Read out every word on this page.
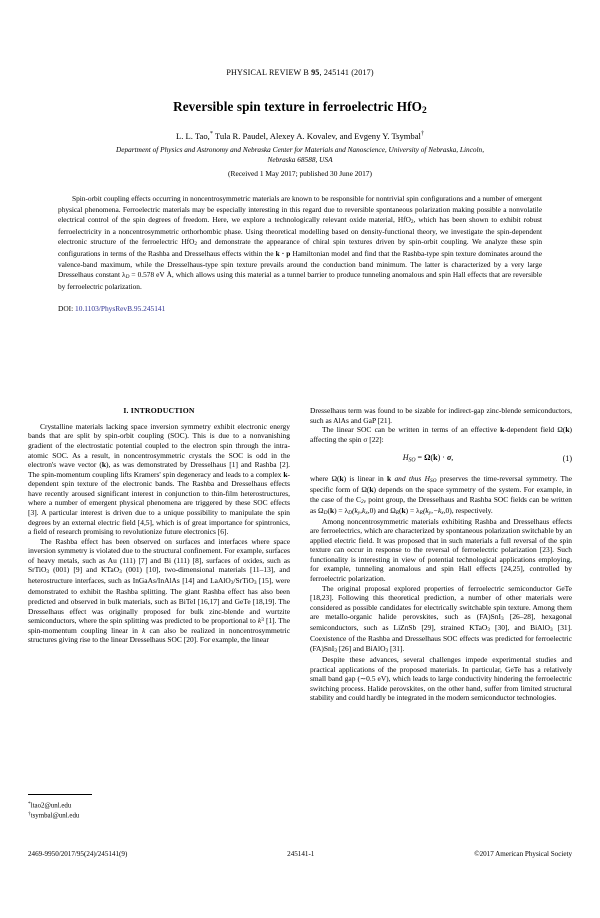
PHYSICAL REVIEW B 95, 245141 (2017)
Reversible spin texture in ferroelectric HfO$_2$
L. L. Tao,* Tula R. Paudel, Alexey A. Kovalev, and Evgeny Y. Tsymbal†
Department of Physics and Astronomy and Nebraska Center for Materials and Nanoscience, University of Nebraska, Lincoln,
Nebraska 68588, USA
(Received 1 May 2017; published 30 June 2017)
Spin-orbit coupling effects occurring in noncentrosymmetric materials are known to be responsible for nontrivial spin configurations and a number of emergent physical phenomena. Ferroelectric materials may be especially interesting in this regard due to reversible spontaneous polarization making possible a nonvolatile electrical control of the spin degrees of freedom. Here, we explore a technologically relevant oxide material, HfO$_2$, which has been shown to exhibit robust ferroelectricity in a noncentrosymmetric orthorhombic phase. Using theoretical modelling based on density-functional theory, we investigate the spin-dependent electronic structure of the ferroelectric HfO$_2$ and demonstrate the appearance of chiral spin textures driven by spin-orbit coupling. We analyze these spin configurations in terms of the Rashba and Dresselhaus effects within the k · p Hamiltonian model and find that the Rashba-type spin texture dominates around the valence-band maximum, while the Dresselhaus-type spin texture prevails around the conduction band minimum. The latter is characterized by a very large Dresselhaus constant $\lambda_D = 0.578$ eV Å, which allows using this material as a tunnel barrier to produce tunneling anomalous and spin Hall effects that are reversible by ferroelectric polarization.
DOI: 10.1103/PhysRevB.95.245141
I. INTRODUCTION

Crystalline materials lacking space inversion symmetry exhibit electronic energy bands that are split by spin-orbit coupling (SOC). This is due to a nonvanishing gradient of the electrostatic potential coupled to the electron spin through the intra-atomic SOC. As a result, in noncentrosymmetric crystals the SOC is odd in the electron's wave vector (k), as was demonstrated by Dresselhaus [1] and Rashba [2]. The spin-momentum coupling lifts Kramers' spin degeneracy and leads to a complex k-dependent spin texture of the electronic bands. The Rashba and Dresselhaus effects have recently aroused significant interest in conjunction to thin-film heterostructures, where a number of emergent physical phenomena are triggered by these SOC effects [3]. A particular interest is driven due to a unique possibility to manipulate the spin degrees by an external electric field [4,5], which is of great importance for spintronics, a field of research promising to revolutionize future electronics [6].

The Rashba effect has been observed on surfaces and interfaces where space inversion symmetry is violated due to the structural confinement. For example, surfaces of heavy metals, such as Au (111) [7] and Bi (111) [8], surfaces of oxides, such as SrTiO$_3$ (001) [9] and KTaO$_3$ (001) [10], two-dimensional materials [11–13], and heterostructure interfaces, such as InGaAs/InAlAs [14] and LaAlO$_3$/SrTiO$_3$ [15], were demonstrated to exhibit the Rashba splitting. The giant Rashba effect has also been predicted and observed in bulk materials, such as BiTeI [16,17] and GeTe [18,19]. The Dresselhaus effect was originally proposed for bulk zinc-blende and wurtzite semiconductors, where the spin splitting was predicted to be proportional to $k^3$ [1]. The spin-momentum coupling linear in k can also be realized in noncentrosymmetric structures giving rise to the linear Dresselhaus SOC [20]. For example, the linear

Dresselhaus term was found to be sizable for indirect-gap zinc-blende semiconductors, such as AlAs and GaP [21].

The linear SOC can be written in terms of an effective k-dependent field Ω(k) affecting the spin σ [22]:

$H_{SO} = \Omega(k) \cdot \sigma$,	(1)

where Ω(k) is linear in k and thus $H_{SO}$ preserves the time-reversal symmetry. The specific form of Ω(k) depends on the space symmetry of the system. For example, in the case of the $C_{2v}$ point group, the Dresselhaus and Rashba SOC fields can be written as $\Omega_D(k) = \lambda_D(k_y,k_x,0)$ and $\Omega_R(k) = \lambda_R(k_y,-k_x,0)$, respectively.

Among noncentrosymmetric materials exhibiting Rashba and Dresselhaus effects are ferroelectrics, which are characterized by spontaneous polarization switchable by an applied electric field. It was proposed that in such materials a full reversal of the spin texture can occur in response to the reversal of ferroelectric polarization [23]. Such functionality is interesting in view of potential technological applications employing, for example, tunneling anomalous and spin Hall effects [24,25], controlled by ferroelectric polarization.

The original proposal explored properties of ferroelectric semiconductor GeTe [18,23]. Following this theoretical prediction, a number of other materials were considered as possible candidates for electrically switchable spin texture. Among them are metallo-organic halide perovskites, such as (FA)SnI$_3$ [26–28], hexagonal semiconductors, such as LiZnSb [29], strained KTaO$_3$ [30], and BiAlO$_3$ [31]. Coexistence of the Rashba and Dresselhaus SOC effects was predicted for ferroelectric (FA)SnI$_3$ [26] and BiAlO$_3$ [31].

Despite these advances, several challenges impede experimental studies and practical applications of the proposed materials. In particular, GeTe has a relatively small band gap (∼0.5 eV), which leads to large conductivity hindering the ferroelectric switching process. Halide perovskites, on the other hand, suffer from limited structural stability and could hardly be integrated in the modern semiconductor technologies.

*ltao2@unl.edu
†tsymbal@unl.edu
2469-9950/2017/95(24)/245141(9)	245141-1	©2017 American Physical Society
